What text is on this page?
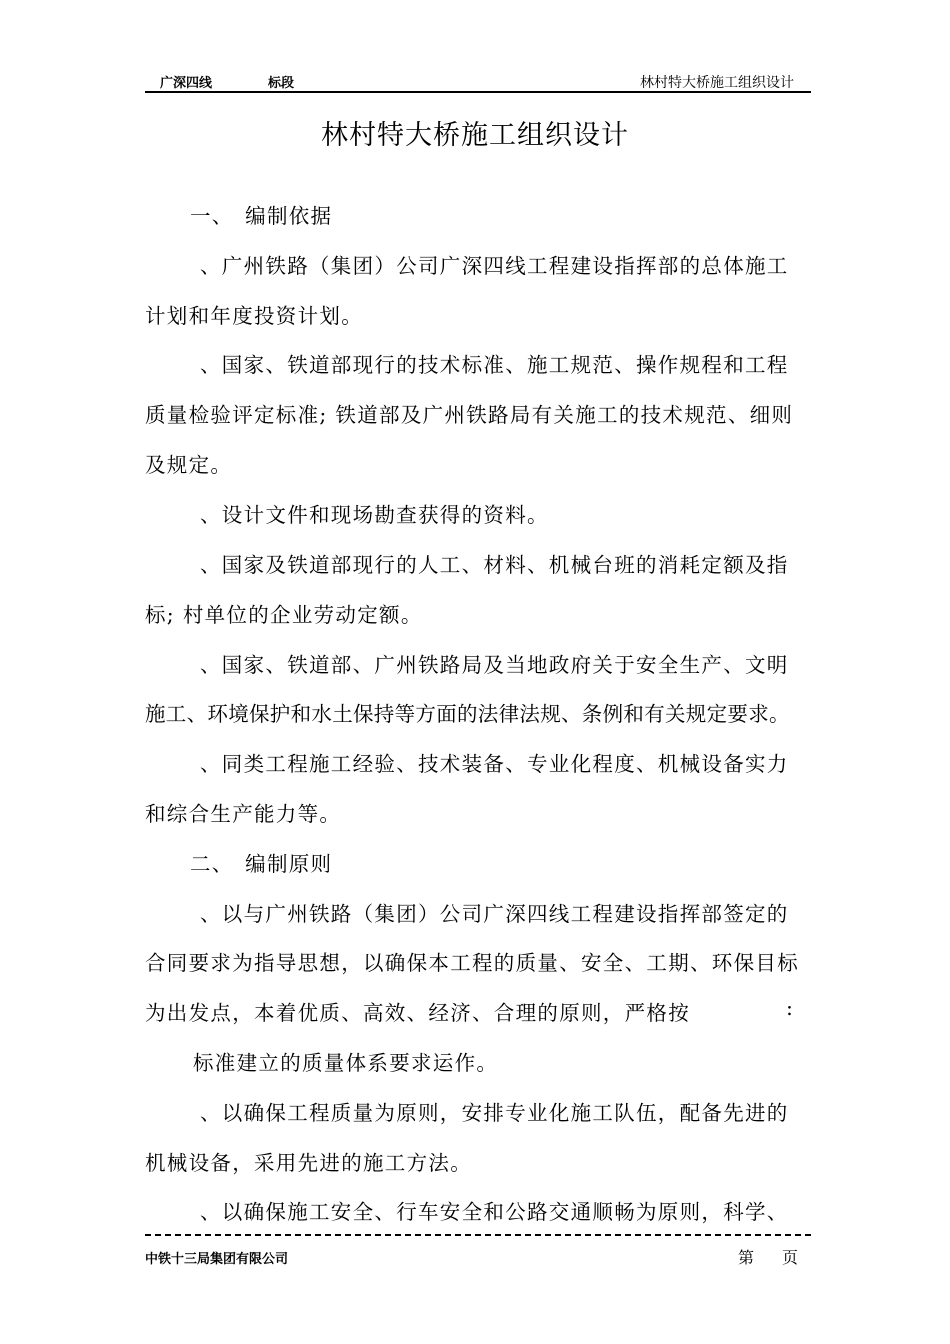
广深四线	标段	林村特大桥施工组织设计
林村特大桥施工组织设计
一、　编制依据
、广州铁路（集团）公司广深四线工程建设指挥部的总体施工
计划和年度投资计划。
、国家、铁道部现行的技术标准、施工规范、操作规程和工程
质量检验评定标准; 铁道部及广州铁路局有关施工的技术规范、细则
及规定。
、设计文件和现场勘查获得的资料。
、国家及铁道部现行的人工、材料、机械台班的消耗定额及指
标; 村单位的企业劳动定额。
、国家、铁道部、广州铁路局及当地政府关于安全生产、文明
施工、环境保护和水土保持等方面的法律法规、条例和有关规定要求。
、同类工程施工经验、技术装备、专业化程度、机械设备实力
和综合生产能力等。
二、　编制原则
、以与广州铁路（集团）公司广深四线工程建设指挥部签定的
合同要求为指导思想，以确保本工程的质量、安全、工期、环保目标
为出发点，本着优质、高效、经济、合理的原则，严格按	:
标准建立的质量体系要求运作。
、以确保工程质量为原则，安排专业化施工队伍，配备先进的
机械设备，采用先进的施工方法。
、以确保施工安全、行车安全和公路交通顺畅为原则，科学、
中铁十三局集团有限公司	第 页
